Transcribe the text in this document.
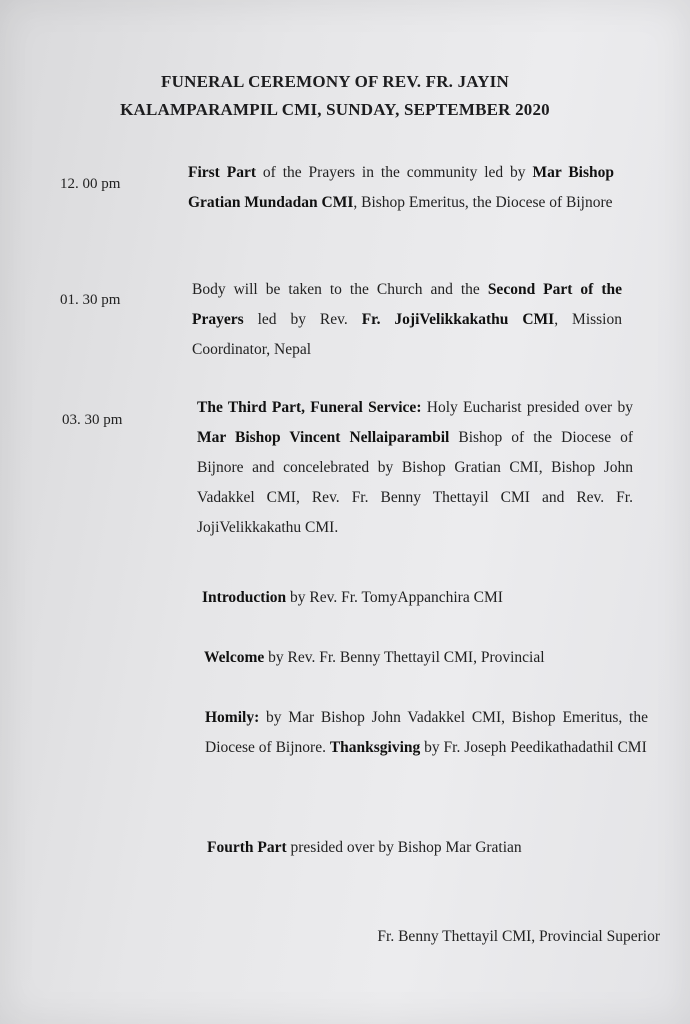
FUNERAL CEREMONY OF REV. FR. JAYIN
KALAMPARAMPIL CMI, SUNDAY, SEPTEMBER 2020
12. 00 pm
First Part of the Prayers in the community led by Mar Bishop Gratian Mundadan CMI, Bishop Emeritus, the Diocese of Bijnore
01. 30 pm
Body will be taken to the Church and the Second Part of the Prayers led by Rev. Fr. JojiVelikkakathu CMI, Mission Coordinator, Nepal
03. 30 pm
The Third Part, Funeral Service: Holy Eucharist presided over by Mar Bishop Vincent Nellaiparambil Bishop of the Diocese of Bijnore and concelebrated by Bishop Gratian CMI, Bishop John Vadakkel CMI, Rev. Fr. Benny Thettayil CMI and Rev. Fr. JojiVelikkakathu CMI.
Introduction by Rev. Fr. TomyAppanchira CMI
Welcome by Rev. Fr. Benny Thettayil CMI, Provincial
Homily: by Mar Bishop John Vadakkel CMI, Bishop Emeritus, the Diocese of Bijnore. Thanksgiving by Fr. Joseph Peedikathadathil CMI
Fourth Part presided over by Bishop Mar Gratian
Fr. Benny Thettayil CMI, Provincial Superior
